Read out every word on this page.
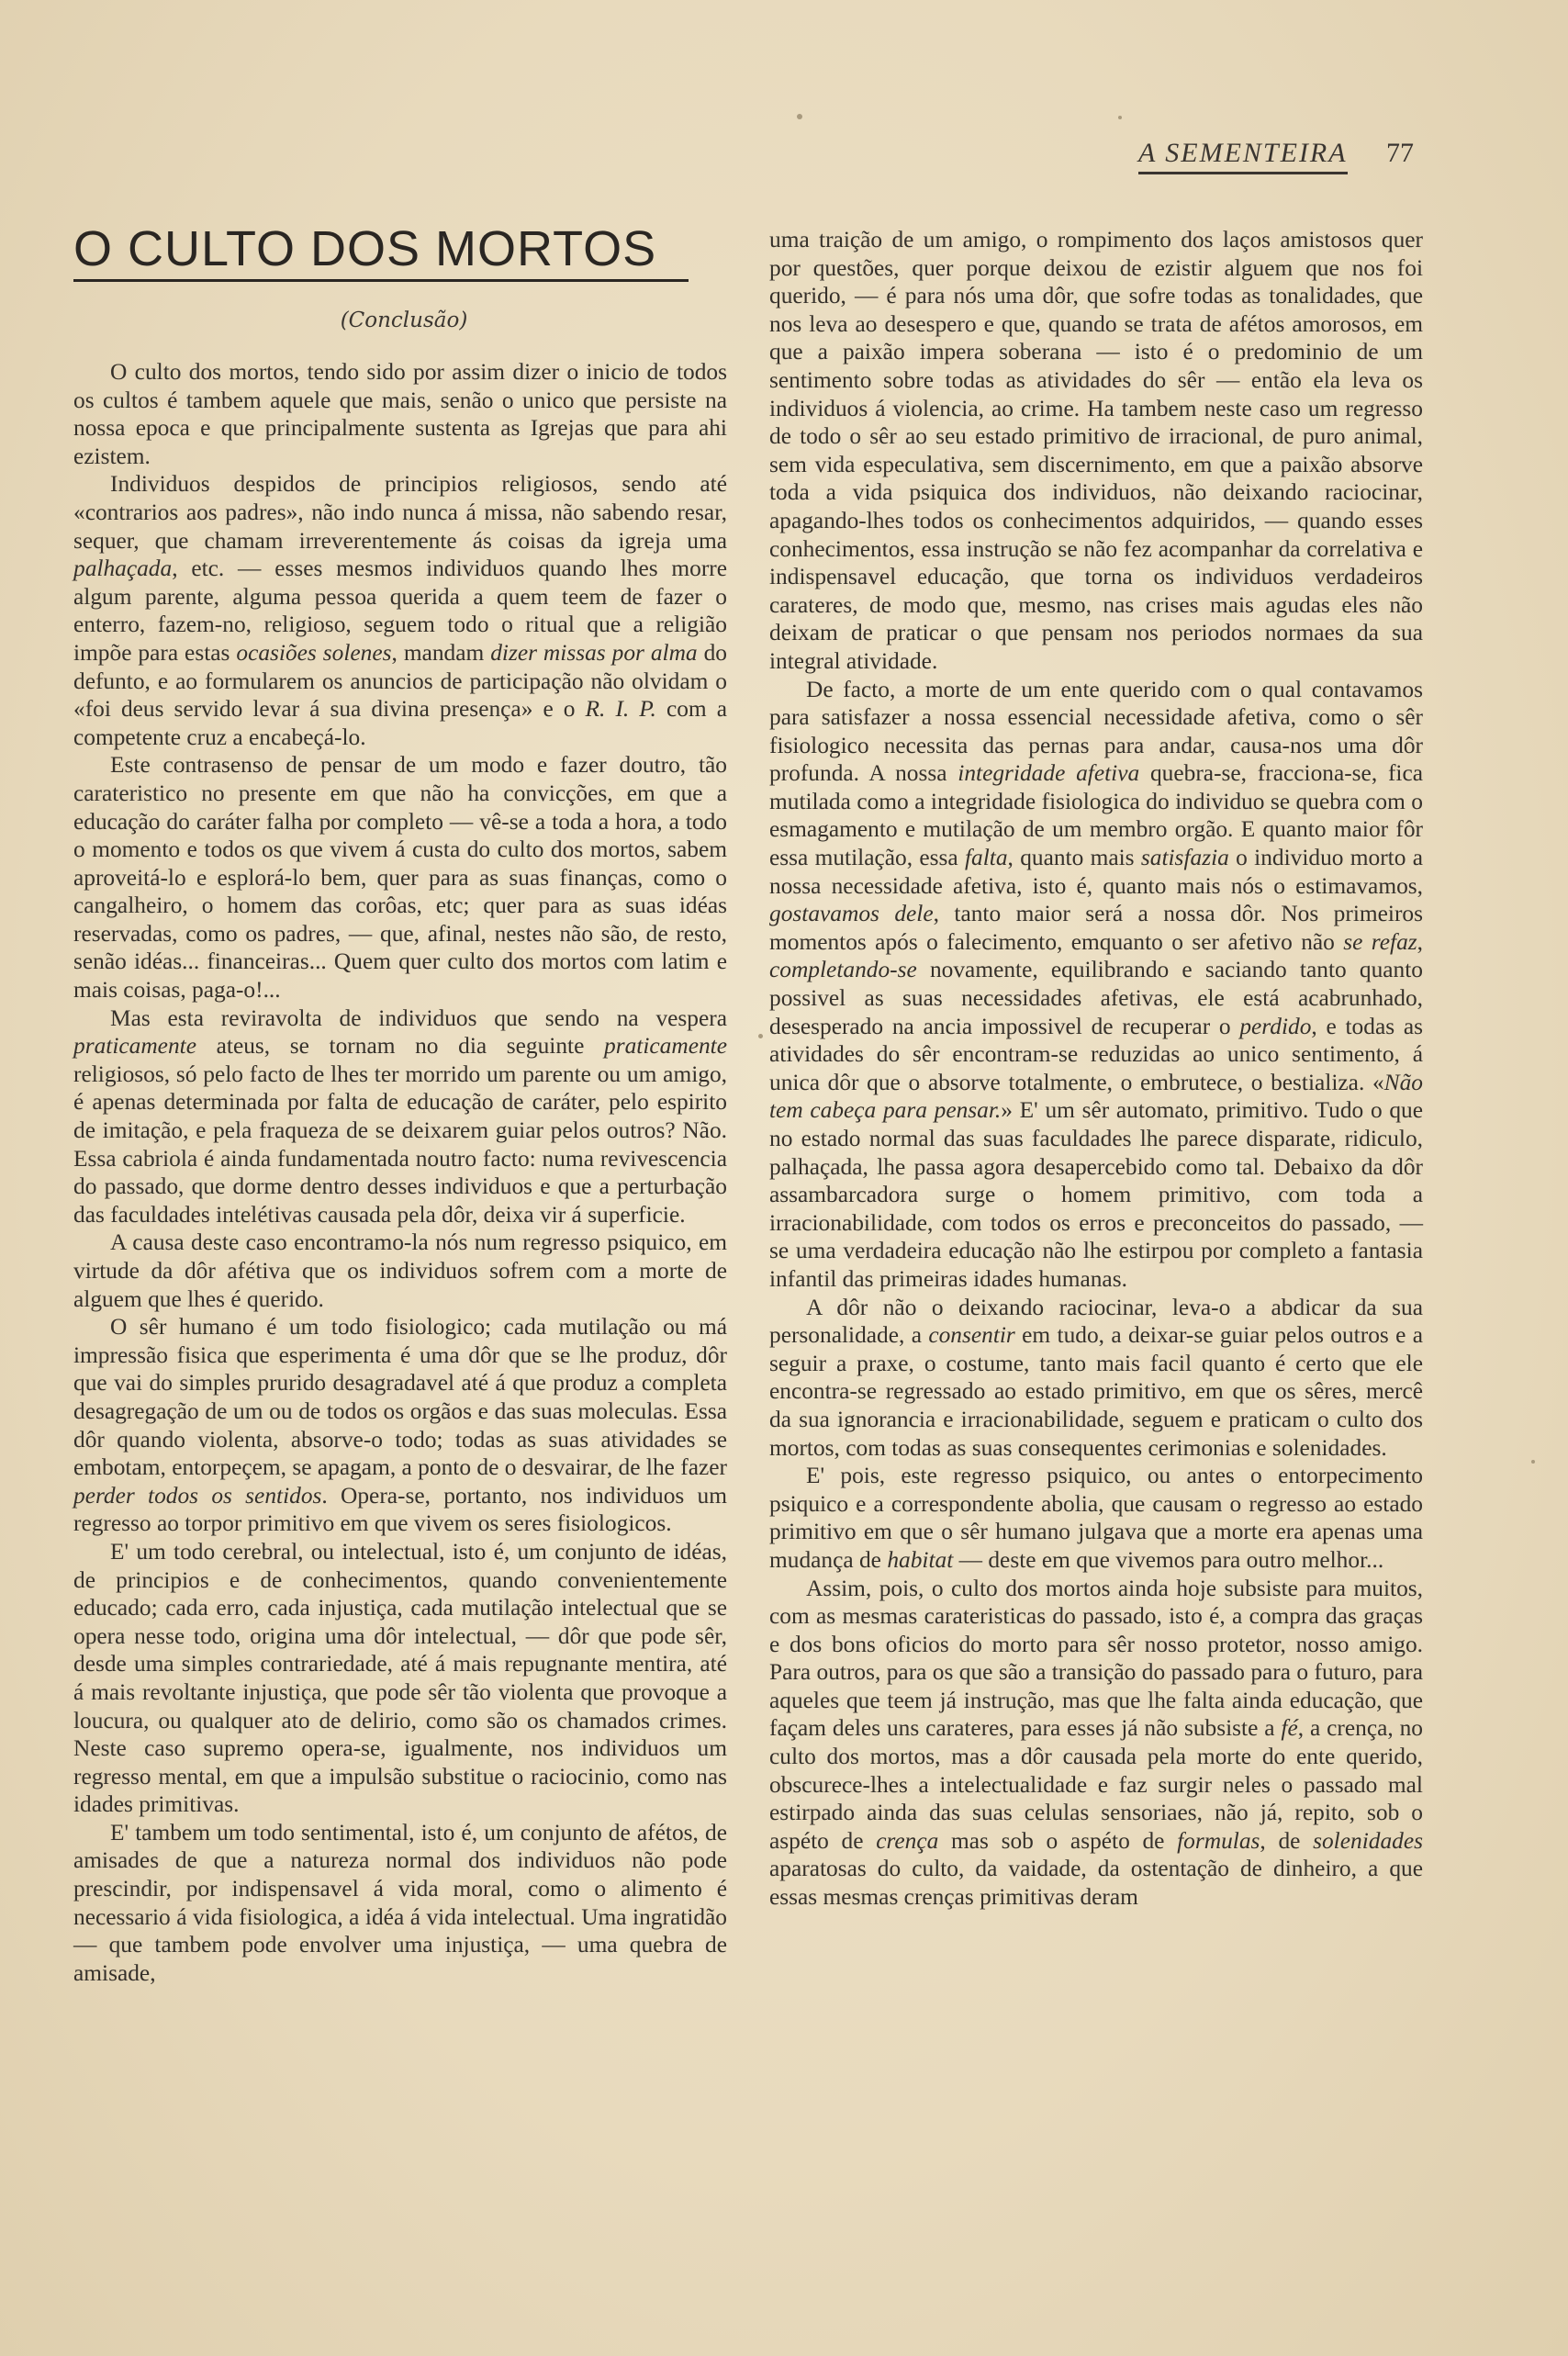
A SEMENTEIRA 77
O CULTO DOS MORTOS
(Conclusão)

O culto dos mortos, tendo sido por assim dizer o inicio de todos os cultos é tambem aquele que mais, senão o unico que persiste na nossa epoca e que principalmente sustenta as Igrejas que para ahi ezistem.

Individuos despidos de principios religiosos, sendo até «contrarios aos padres», não indo nunca á missa, não sabendo resar, sequer, que chamam irreverentemente ás coisas da igreja uma palhaçada, etc. — esses mesmos individuos quando lhes morre algum parente, alguma pessoa querida a quem teem de fazer o enterro, fazem-no, religioso, seguem todo o ritual que a religião impõe para estas ocasiões solenes, mandam dizer missas por alma do defunto, e ao formularem os anuncios de participação não olvidam o «foi deus servido levar á sua divina presença» e o R. I. P. com a competente cruz a encabeçá-lo.

Este contrasenso de pensar de um modo e fazer doutro, tão carateristico no presente em que não ha convicções, em que a educação do caráter falha por completo — vê-se a toda a hora, a todo o momento e todos os que vivem á custa do culto dos mortos, sabem aproveitá-lo e esplorá-lo bem, quer para as suas finanças, como o cangalheiro, o homem das corôas, etc; quer para as suas idéas reservadas, como os padres, — que, afinal, nestes não são, de resto, senão idéas... financeiras... Quem quer culto dos mortos com latim e mais coisas, paga-o!...

Mas esta reviravolta de individuos que sendo na vespera praticamente ateus, se tornam no dia seguinte praticamente religiosos, só pelo facto de lhes ter morrido um parente ou um amigo, é apenas determinada por falta de educação de caráter, pelo espirito de imitação, e pela fraqueza de se deixarem guiar pelos outros? Não. Essa cabriola é ainda fundamentada noutro facto: numa revivescencia do passado, que dorme dentro desses individuos e que a perturbação das faculdades intelétivas causada pela dôr, deixa vir á superficie.

A causa deste caso encontramo-la nós num regresso psiquico, em virtude da dôr afétiva que os individuos sofrem com a morte de alguem que lhes é querido.

O sêr humano é um todo fisiologico; cada mutilação ou má impressão fisica que esperimenta é uma dôr que se lhe produz, dôr que vai do simples prurido desagradavel até á que produz a completa desagregação de um ou de todos os orgãos e das suas moleculas. Essa dôr quando violenta, absorve-o todo; todas as suas atividades se embotam, entorpeçem, se apagam, a ponto de o desvairar, de lhe fazer perder todos os sentidos. Opera-se, portanto, nos individuos um regresso ao torpor primitivo em que vivem os seres fisiologicos.

E' um todo cerebral, ou intelectual, isto é, um conjunto de idéas, de principios e de conhecimentos, quando convenientemente educado; cada erro, cada injustiça, cada mutilação intelectual que se opera nesse todo, origina uma dôr intelectual, — dôr que pode sêr, desde uma simples contrariedade, até á mais repugnante mentira, até á mais revoltante injustiça, que pode sêr tão violenta que provoque a loucura, ou qualquer ato de delirio, como são os chamados crimes. Neste caso supremo opera-se, igualmente, nos individuos um regresso mental, em que a impulsão substitue o raciocinio, como nas idades primitivas.

E' tambem um todo sentimental, isto é, um conjunto de afétos, de amisades de que a natureza normal dos individuos não pode prescindir, por indispensavel á vida moral, como o alimento é necessario á vida fisiologica, a idéa á vida intelectual. Uma ingratidão — que tambem pode envolver uma injustiça, — uma quebra de amisade,

uma traição de um amigo, o rompimento dos laços amistosos quer por questões, quer porque deixou de ezistir alguem que nos foi querido, — é para nós uma dôr, que sofre todas as tonalidades, que nos leva ao desespero e que, quando se trata de afétos amorosos, em que a paixão impera soberana — isto é o predominio de um sentimento sobre todas as atividades do sêr — então ela leva os individuos á violencia, ao crime. Ha tambem neste caso um regresso de todo o sêr ao seu estado primitivo de irracional, de puro animal, sem vida especulativa, sem discernimento, em que a paixão absorve toda a vida psiquica dos individuos, não deixando raciocinar, apagando-lhes todos os conhecimentos adquiridos, — quando esses conhecimentos, essa instrução se não fez acompanhar da correlativa e indispensavel educação, que torna os individuos verdadeiros carateres, de modo que, mesmo, nas crises mais agudas eles não deixam de praticar o que pensam nos periodos normaes da sua integral atividade.

De facto, a morte de um ente querido com o qual contavamos para satisfazer a nossa essencial necessidade afetiva, como o sêr fisiologico necessita das pernas para andar, causa-nos uma dôr profunda. A nossa integridade afetiva quebra-se, fracciona-se, fica mutilada como a integridade fisiologica do individuo se quebra com o esmagamento e mutilação de um membro orgão. E quanto maior fôr essa mutilação, essa falta, quanto mais satisfazia o individuo morto a nossa necessidade afetiva, isto é, quanto mais nós o estimavamos, gostavamos dele, tanto maior será a nossa dôr. Nos primeiros momentos após o falecimento, emquanto o ser afetivo não se refaz, completando-se novamente, equilibrando e saciando tanto quanto possivel as suas necessidades afetivas, ele está acabrunhado, desesperado na ancia impossivel de recuperar o perdido, e todas as atividades do sêr encontram-se reduzidas ao unico sentimento, á unica dôr que o absorve totalmente, o embrutece, o bestializa. «Não tem cabeça para pensar.» E' um sêr automato, primitivo. Tudo o que no estado normal das suas faculdades lhe parece disparate, ridiculo, palhaçada, lhe passa agora desapercebido como tal. Debaixo da dôr assambarcadora surge o homem primitivo, com toda a irracionabilidade, com todos os erros e preconceitos do passado, — se uma verdadeira educação não lhe estirpou por completo a fantasia infantil das primeiras idades humanas.

A dôr não o deixando raciocinar, leva-o a abdicar da sua personalidade, a consentir em tudo, a deixar-se guiar pelos outros e a seguir a praxe, o costume, tanto mais facil quanto é certo que ele encontra-se regressado ao estado primitivo, em que os sêres, mercê da sua ignorancia e irracionabilidade, seguem e praticam o culto dos mortos, com todas as suas consequentes cerimonias e solenidades.

E' pois, este regresso psiquico, ou antes o entorpecimento psiquico e a correspondente abolia, que causam o regresso ao estado primitivo em que o sêr humano julgava que a morte era apenas uma mudança de habitat — deste em que vivemos para outro melhor...

Assim, pois, o culto dos mortos ainda hoje subsiste para muitos, com as mesmas carateristicas do passado, isto é, a compra das graças e dos bons oficios do morto para sêr nosso protetor, nosso amigo. Para outros, para os que são a transição do passado para o futuro, para aqueles que teem já instrução, mas que lhe falta ainda educação, que façam deles uns carateres, para esses já não subsiste a fé, a crença, no culto dos mortos, mas a dôr causada pela morte do ente querido, obscurece-lhes a intelectualidade e faz surgir neles o passado mal estirpado ainda das suas celulas sensoriaes, não já, repito, sob o aspéto de crença mas sob o aspéto de formulas, de solenidades aparatosas do culto, da vaidade, da ostentação de dinheiro, a que essas mesmas crenças primitivas deram
